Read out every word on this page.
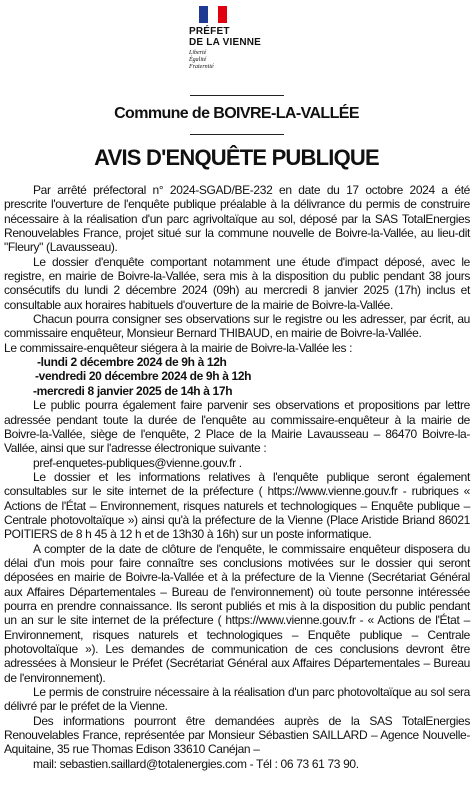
PRÉFET
DE LA VIENNE
Liberté
Égalité
Fraternité
Commune de BOIVRE-LA-VALLÉE
AVIS D'ENQUÊTE PUBLIQUE

Par arrêté préfectoral n° 2024-SGAD/BE-232 en date du 17 octobre 2024 a été prescrite l'ouverture de l'enquête publique préalable à la délivrance du permis de construire nécessaire à la réalisation d'un parc agrivoltaïque au sol, déposé par la SAS TotalEnergies Renouvelables France, projet situé sur la commune nouvelle de Boivre-la-Vallée, au lieu-dit "Fleury" (Lavausseau).

Le dossier d'enquête comportant notamment une étude d'impact déposé, avec le registre, en mairie de Boivre-la-Vallée, sera mis à la disposition du public pendant 38 jours consécutifs du lundi 2 décembre 2024 (09h) au mercredi 8 janvier 2025 (17h) inclus et consultable aux horaires habituels d'ouverture de la mairie de Boivre-la-Vallée.

Chacun pourra consigner ses observations sur le registre ou les adresser, par écrit, au commissaire enquêteur, Monsieur Bernard THIBAUD, en mairie de Boivre-la-Vallée.

Le commissaire-enquêteur siégera à la mairie de Boivre-la-Vallée les :

-lundi 2 décembre 2024 de 9h à 12h

-vendredi 20 décembre 2024 de 9h à 12h

-mercredi 8 janvier 2025 de 14h à 17h

Le public pourra également faire parvenir ses observations et propositions par lettre adressée pendant toute la durée de l'enquête au commissaire-enquêteur à la mairie de Boivre-la-Vallée, siège de l'enquête, 2 Place de la Mairie Lavausseau – 86470 Boivre-la-Vallée, ainsi que sur l'adresse électronique suivante :

pref-enquetes-publiques@vienne.gouv.fr .

Le dossier et les informations relatives à l'enquête publique seront également consultables sur le site internet de la préfecture ( https://www.vienne.gouv.fr - rubriques « Actions de l'État – Environnement, risques naturels et technologiques – Enquête publique – Centrale photovoltaïque ») ainsi qu'à la préfecture de la Vienne (Place Aristide Briand 86021 POITIERS de 8 h 45 à 12 h et de 13h30 à 16h) sur un poste informatique.

A compter de la date de clôture de l'enquête, le commissaire enquêteur disposera du délai d'un mois pour faire connaître ses conclusions motivées sur le dossier qui seront déposées en mairie de Boivre-la-Vallée et à la préfecture de la Vienne (Secrétariat Général aux Affaires Départementales – Bureau de l'environnement) où toute personne intéressée pourra en prendre connaissance. Ils seront publiés et mis à la disposition du public pendant un an sur le site internet de la préfecture ( https://www.vienne.gouv.fr - « Actions de l'État – Environnement, risques naturels et technologiques – Enquête publique – Centrale photovoltaïque »). Les demandes de communication de ces conclusions devront être adressées à Monsieur le Préfet (Secrétariat Général aux Affaires Départementales – Bureau de l'environnement).

Le permis de construire nécessaire à la réalisation d'un parc photovoltaïque au sol sera délivré par le préfet de la Vienne.

Des informations pourront être demandées auprès de la SAS TotalEnergies Renouvelables France, représentée par Monsieur Sébastien SAILLARD – Agence Nouvelle-Aquitaine, 35 rue Thomas Edison 33610 Canéjan –

mail: sebastien.saillard@totalenergies.com - Tél : 06 73 61 73 90.
